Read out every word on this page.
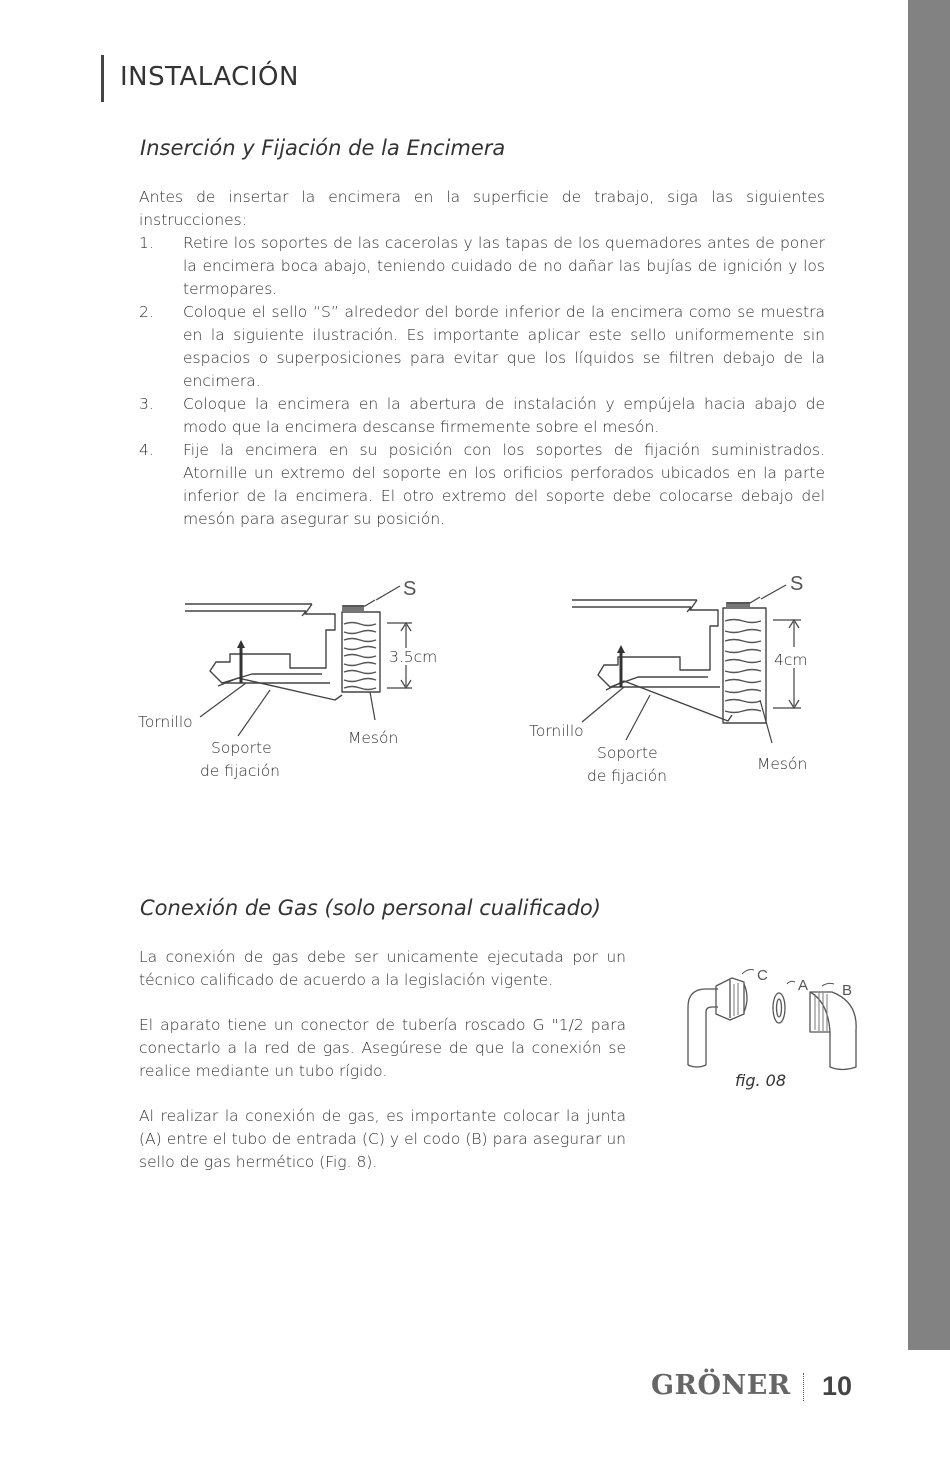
INSTALACIÓN
Inserción y Fijación de la Encimera
Antes de insertar la encimera en la superficie de trabajo, siga las siguientes instrucciones:
1. Retire los soportes de las cacerolas y las tapas de los quemadores antes de poner la encimera boca abajo, teniendo cuidado de no dañar las bujías de ignición y los termopares.
2. Coloque el sello “S” alrededor del borde inferior de la encimera como se muestra en la siguiente ilustración. Es importante aplicar este sello uniformemente sin espacios o superposiciones para evitar que los líquidos se filtren debajo de la encimera.
3. Coloque la encimera en la abertura de instalación y empújela hacia abajo de modo que la encimera descanse firmemente sobre el mesón.
4. Fije la encimera en su posición con los soportes de fijación suministrados. Atornille un extremo del soporte en los orificios perforados ubicados en la parte inferior de la encimera. El otro extremo del soporte debe colocarse debajo del mesón para asegurar su posición.
S
3.5cm
Tornillo
Soporte
de fijación
Mesón
S
4cm
Tornillo
Soporte
de fijación
Mesón
Conexión de Gas (solo personal cualificado)

La conexión de gas debe ser unicamente ejecutada por un técnico calificado de acuerdo a la legislación vigente.

El aparato tiene un conector de tubería roscado G "1/2 para conectarlo a la red de gas. Asegúrese de que la conexión se realice mediante un tubo rígido.

Al realizar la conexión de gas, es importante colocar la junta (A) entre el tubo de entrada (C) y el codo (B) para asegurar un sello de gas hermético (Fig. 8).

C
A B
fig. 08
GRÖNER 10
